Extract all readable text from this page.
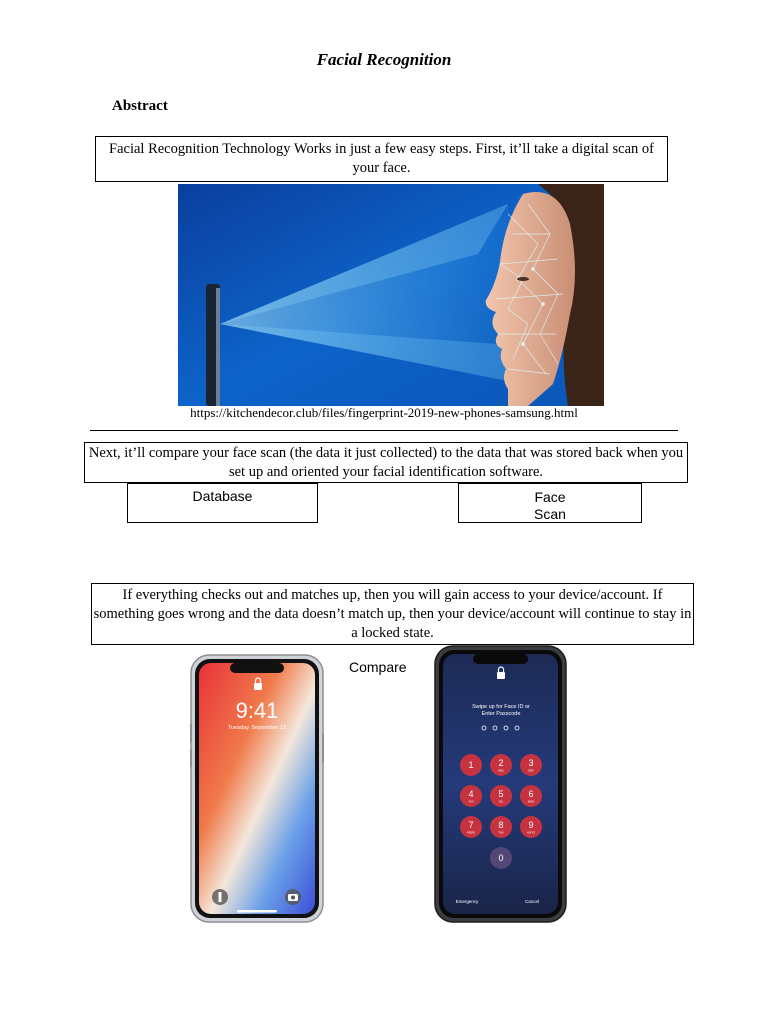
Facial Recognition
Abstract
Facial Recognition Technology Works in just a few easy steps. First, it’ll take a digital scan of your face.
https://kitchendecor.club/files/fingerprint-2019-new-phones-samsung.html
Next, it’ll compare your face scan (the data it just collected) to the data that was stored back when you set up and oriented your facial identification software.
Database	Face
Scan
If everything checks out and matches up, then you will gain access to your device/account. If something goes wrong and the data doesn’t match up, then your device/account will continue to stay in a locked state.
Compare
9:41
Tuesday, September 12
Swipe up for Face ID or
Enter Passcode
1	2
ABC
3
DEF
4
GHI
5
JKL
6
MNO
7
PQRS
8
TUV
9
WXYZ
0
Emergency	Cancel
